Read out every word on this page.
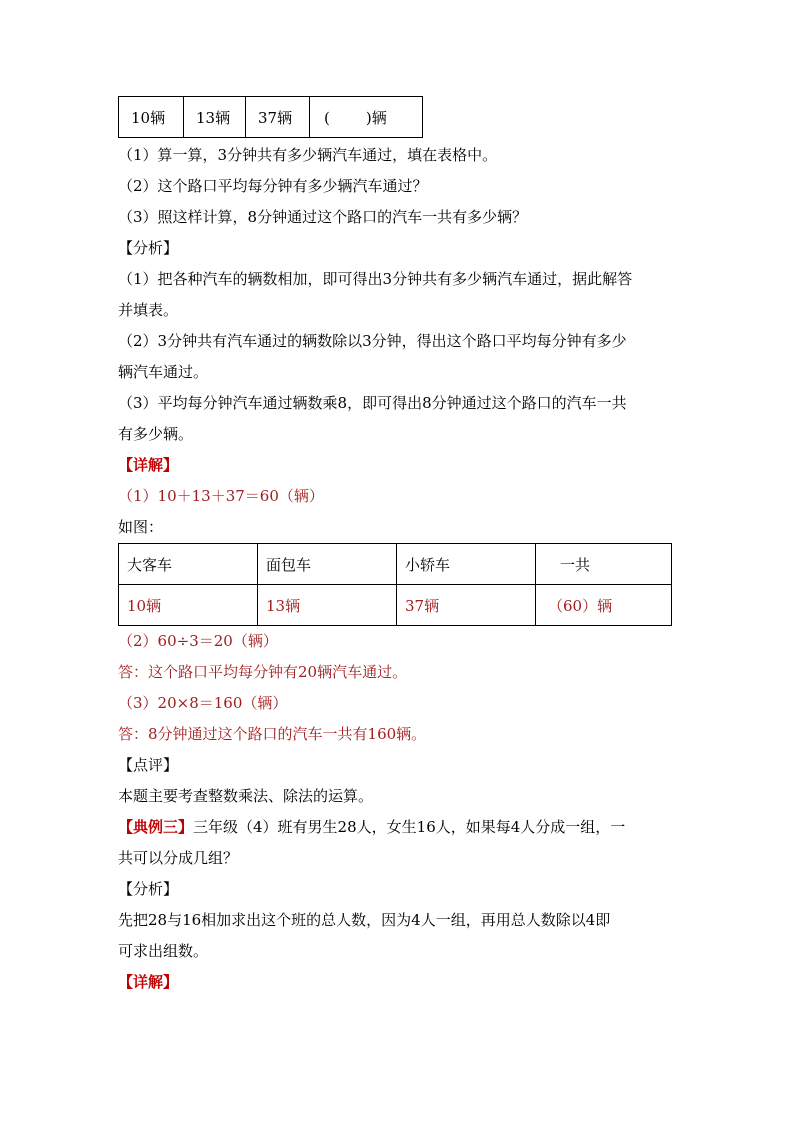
10辆	13辆	37辆	( )辆
（1）算一算，3分钟共有多少辆汽车通过，填在表格中。
（2）这个路口平均每分钟有多少辆汽车通过？
（3）照这样计算，8分钟通过这个路口的汽车一共有多少辆？
【分析】
（1）把各种汽车的辆数相加，即可得出3分钟共有多少辆汽车通过，据此解答
并填表。
（2）3分钟共有汽车通过的辆数除以3分钟，得出这个路口平均每分钟有多少
辆汽车通过。
（3）平均每分钟汽车通过辆数乘8，即可得出8分钟通过这个路口的汽车一共
有多少辆。
【详解】
（1）10＋13＋37＝60（辆）
如图：
大客车	面包车	小轿车	一共
10辆	13辆	37辆	（60）辆
（2）60÷3＝20（辆）
答：这个路口平均每分钟有20辆汽车通过。
（3）20×8＝160（辆）
答：8分钟通过这个路口的汽车一共有160辆。
【点评】
本题主要考查整数乘法、除法的运算。
【典例三】三年级（4）班有男生28人，女生16人，如果每4人分成一组，一
共可以分成几组？
【分析】
先把28与16相加求出这个班的总人数，因为4人一组，再用总人数除以4即
可求出组数。
【详解】
